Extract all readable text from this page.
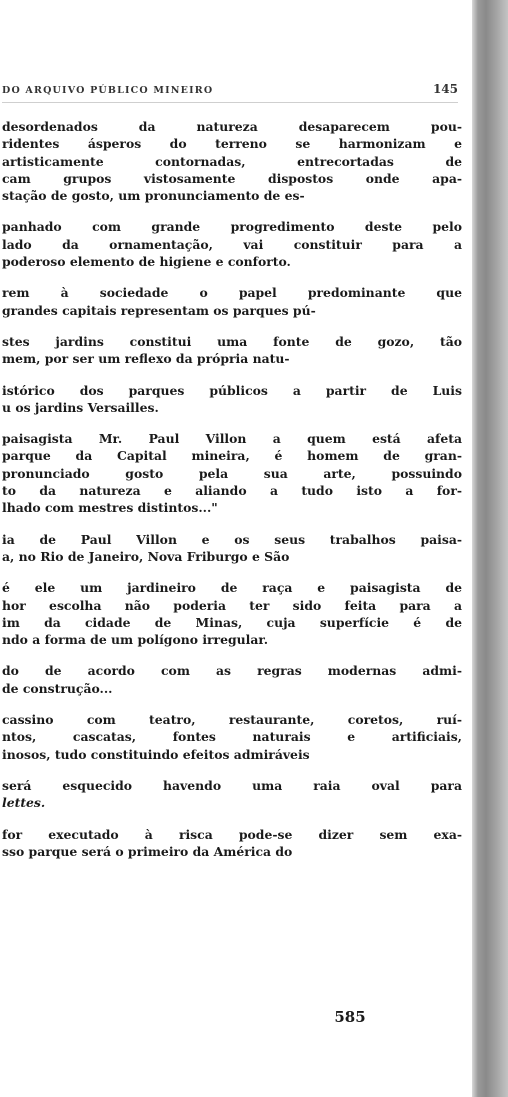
DO ARQUIVO PÚBLICO MINEIRO	145

desordenados da natureza desaparecem pou-
ridentes ásperos do terreno se harmonizam e
artisticamente contornadas, entrecortadas de
cam grupos vistosamente dispostos onde apa-
stação de gosto, um pronunciamento de es-

panhado com grande progredimento deste pelo
lado da ornamentação, vai constituir para a
poderoso elemento de higiene e conforto.

rem à sociedade o papel predominante que
grandes capitais representam os parques pú-

stes jardins constitui uma fonte de gozo, tão
mem, por ser um reflexo da própria natu-

istórico dos parques públicos a partir de Luis
u os jardins Versailles.

paisagista Mr. Paul Villon a quem está afeta
parque da Capital mineira, é homem de gran-
pronunciado gosto pela sua arte, possuindo
to da natureza e aliando a tudo isto a for-
lhado com mestres distintos..."

ia de Paul Villon e os seus trabalhos paisa-
a, no Rio de Janeiro, Nova Friburgo e São

é ele um jardineiro de raça e paisagista de
hor escolha não poderia ter sido feita para a
im da cidade de Minas, cuja superfície é de
ndo a forma de um polígono irregular.

do de acordo com as regras modernas admi-
de construção...

cassino com teatro, restaurante, coretos, ruí-
ntos, cascatas, fontes naturais e artificiais,
inosos, tudo constituindo efeitos admiráveis

será esquecido havendo uma raia oval para
lettes.

for executado à risca pode-se dizer sem exa-
sso parque será o primeiro da América do

585
